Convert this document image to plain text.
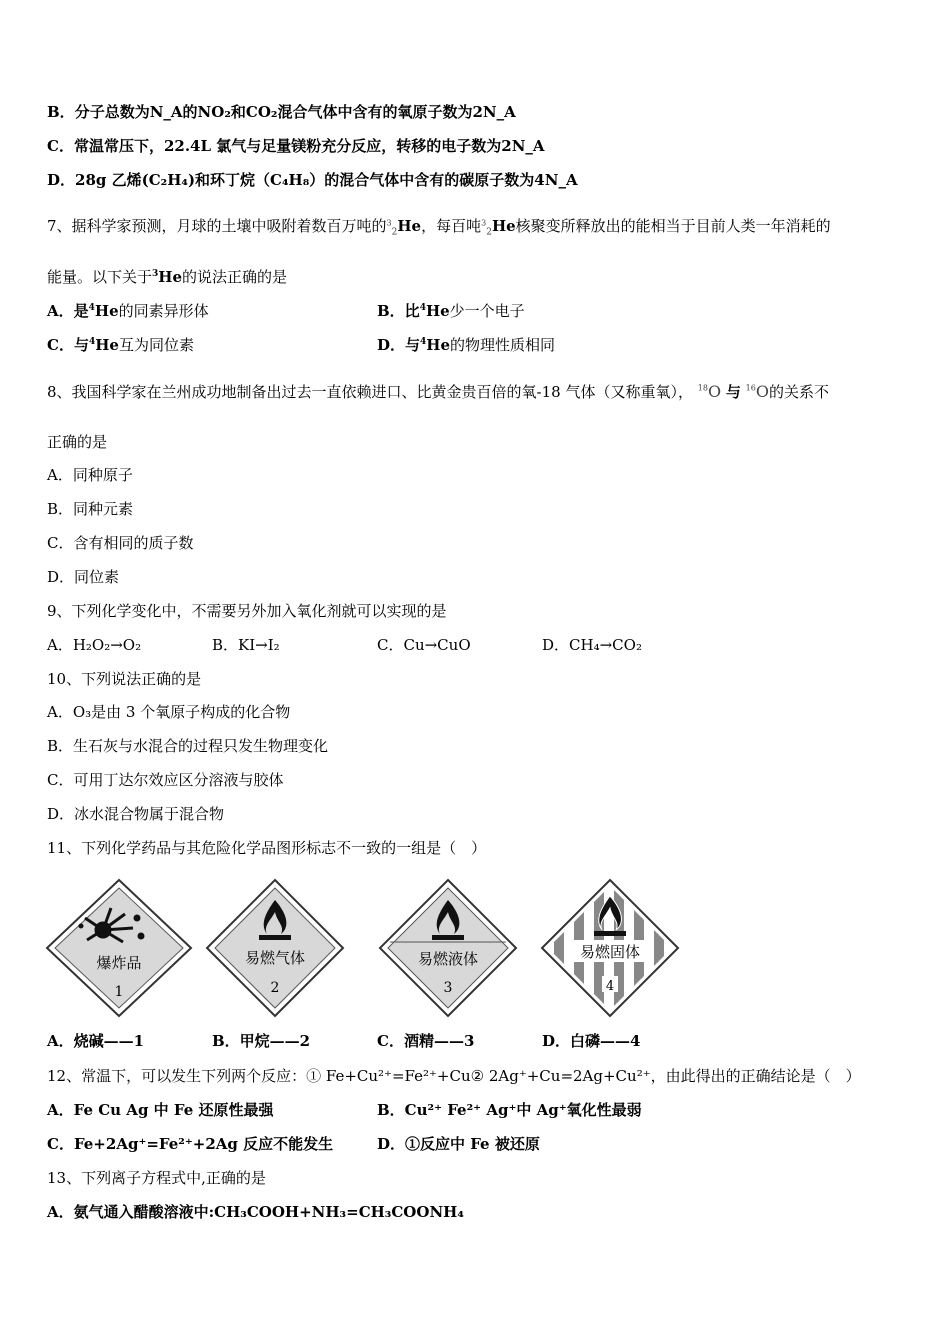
B．分子总数为N_A的NO₂和CO₂混合气体中含有的氧原子数为2N_A
C．常温常压下，22.4L 氯气与足量镁粉充分反应，转移的电子数为2N_A
D．28g 乙烯(C₂H₄)和环丁烷（C₄H₈）的混合气体中含有的碳原子数为4N_A
7、据科学家预测，月球的土壤中吸附着数百万吨的$^3_2$He，每百吨$^3_2$He核聚变所释放出的能相当于目前人类一年消耗的
能量。以下关于$^3$He的说法正确的是
A．是$^4$He的同素异形体	B．比$^4$He少一个电子
C．与$^4$He互为同位素	D．与$^4$He的物理性质相同
8、我国科学家在兰州成功地制备出过去一直依赖进口、比黄金贵百倍的氧-18 气体（又称重氧）， $^{18}$O 与 $^{16}$O的关系不
正确的是
A．同种原子
B．同种元素
C．含有相同的质子数
D．同位素
9、下列化学变化中，不需要另外加入氧化剂就可以实现的是
A．H₂O₂→O₂	B．KI→I₂	C．Cu→CuO	D．CH₄→CO₂
10、下列说法正确的是
A．O₃是由 3 个氧原子构成的化合物
B．生石灰与水混合的过程只发生物理变化
C．可用丁达尔效应区分溶液与胶体
D．冰水混合物属于混合物
11、下列化学药品与其危险化学品图形标志不一致的一组是（　）
爆炸品
1
易燃气体
2
易燃液体
3
易燃固体
4
A．烧碱——1	B．甲烷——2	C．酒精——3	D．白磷——4
12、常温下，可以发生下列两个反应：① Fe+Cu²⁺=Fe²⁺+Cu② 2Ag⁺+Cu=2Ag+Cu²⁺，由此得出的正确结论是（　）
A．Fe Cu Ag 中 Fe 还原性最强	B．Cu²⁺ Fe²⁺ Ag⁺中 Ag⁺氧化性最弱
C．Fe+2Ag⁺=Fe²⁺+2Ag 反应不能发生	D．①反应中 Fe 被还原
13、下列离子方程式中,正确的是
A．氨气通入醋酸溶液中:CH₃COOH+NH₃=CH₃COONH₄
